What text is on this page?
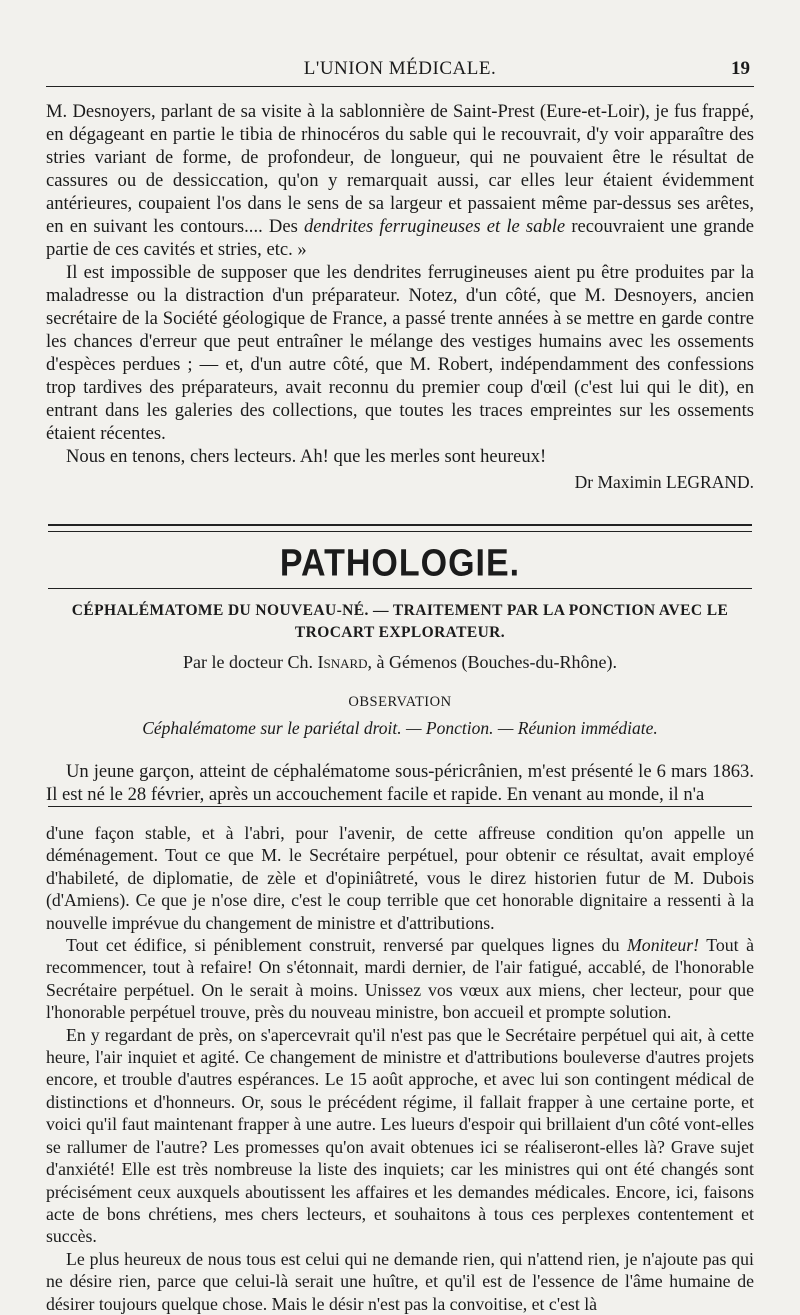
L'UNION MÉDICALE.	19

M. Desnoyers, parlant de sa visite à la sablonnière de Saint-Prest (Eure-et-Loir), je fus frappé, en dégageant en partie le tibia de rhinocéros du sable qui le recouvrait, d'y voir apparaître des stries variant de forme, de profondeur, de longueur, qui ne pouvaient être le résultat de cassures ou de dessiccation, qu'on y remarquait aussi, car elles leur étaient évidemment antérieures, coupaient l'os dans le sens de sa largeur et passaient même par-dessus ses arêtes, en en suivant les contours.... Des dendrites ferrugineuses et le sable recouvraient une grande partie de ces cavités et stries, etc. »

Il est impossible de supposer que les dendrites ferrugineuses aient pu être produites par la maladresse ou la distraction d'un préparateur. Notez, d'un côté, que M. Desnoyers, ancien secrétaire de la Société géologique de France, a passé trente années à se mettre en garde contre les chances d'erreur que peut entraîner le mélange des vestiges humains avec les ossements d'espèces perdues ; — et, d'un autre côté, que M. Robert, indépendamment des confessions trop tardives des préparateurs, avait reconnu du premier coup d'œil (c'est lui qui le dit), en entrant dans les galeries des collections, que toutes les traces empreintes sur les ossements étaient récentes.

Nous en tenons, chers lecteurs. Ah! que les merles sont heureux!

Dr Maximin LEGRAND.
PATHOLOGIE.
CÉPHALÉMATOME DU NOUVEAU-NÉ. — TRAITEMENT PAR LA PONCTION AVEC LE TROCART EXPLORATEUR.
Par le docteur Ch. Isnard, à Gémenos (Bouches-du-Rhône).
OBSERVATION
Céphalématome sur le pariétal droit. — Ponction. — Réunion immédiate.

Un jeune garçon, atteint de céphalématome sous-péricrânien, m'est présenté le 6 mars 1863. Il est né le 28 février, après un accouchement facile et rapide. En venant au monde, il n'a

d'une façon stable, et à l'abri, pour l'avenir, de cette affreuse condition qu'on appelle un déménagement. Tout ce que M. le Secrétaire perpétuel, pour obtenir ce résultat, avait employé d'habileté, de diplomatie, de zèle et d'opiniâtreté, vous le direz historien futur de M. Dubois (d'Amiens). Ce que je n'ose dire, c'est le coup terrible que cet honorable dignitaire a ressenti à la nouvelle imprévue du changement de ministre et d'attributions.

Tout cet édifice, si péniblement construit, renversé par quelques lignes du Moniteur! Tout à recommencer, tout à refaire! On s'étonnait, mardi dernier, de l'air fatigué, accablé, de l'honorable Secrétaire perpétuel. On le serait à moins. Unissez vos vœux aux miens, cher lecteur, pour que l'honorable perpétuel trouve, près du nouveau ministre, bon accueil et prompte solution.

En y regardant de près, on s'apercevrait qu'il n'est pas que le Secrétaire perpétuel qui ait, à cette heure, l'air inquiet et agité. Ce changement de ministre et d'attributions bouleverse d'autres projets encore, et trouble d'autres espérances. Le 15 août approche, et avec lui son contingent médical de distinctions et d'honneurs. Or, sous le précédent régime, il fallait frapper à une certaine porte, et voici qu'il faut maintenant frapper à une autre. Les lueurs d'espoir qui brillaient d'un côté vont-elles se rallumer de l'autre? Les promesses qu'on avait obtenues ici se réaliseront-elles là? Grave sujet d'anxiété! Elle est très nombreuse la liste des inquiets; car les ministres qui ont été changés sont précisément ceux auxquels aboutissent les affaires et les demandes médicales. Encore, ici, faisons acte de bons chrétiens, mes chers lecteurs, et souhaitons à tous ces perplexes contentement et succès.

Le plus heureux de nous tous est celui qui ne demande rien, qui n'attend rien, je n'ajoute pas qui ne désire rien, parce que celui-là serait une huître, et qu'il est de l'essence de l'âme humaine de désirer toujours quelque chose. Mais le désir n'est pas la convoitise, et c'est là
